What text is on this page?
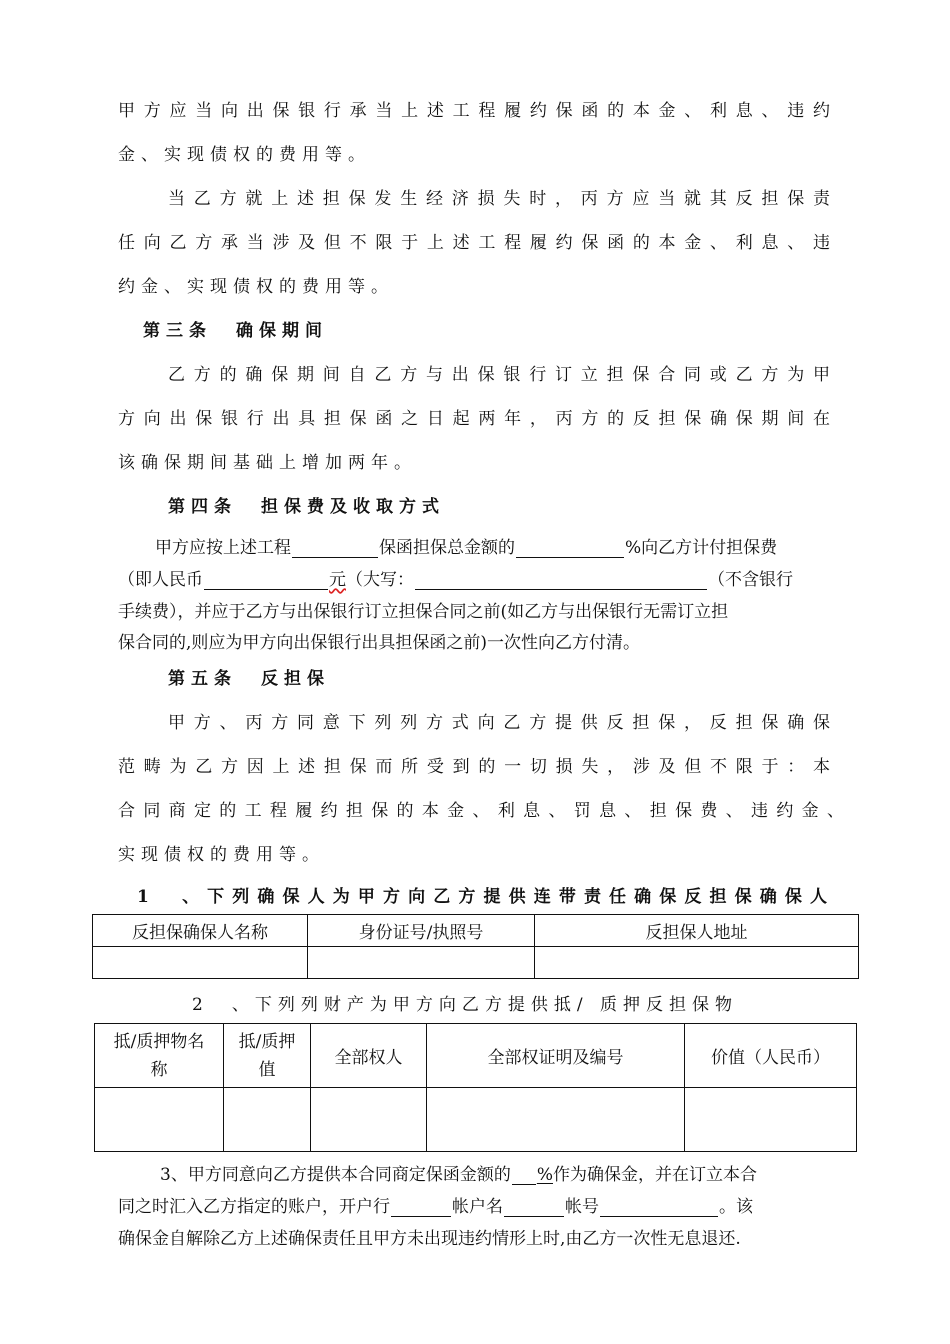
甲方应当向出保银行承当上述工程履约保函的本金、利息、违约
金、实现债权的费用等。
当乙方就上述担保发生经济损失时，丙方应当就其反担保责
任向乙方承当涉及但不限于上述工程履约保函的本金、利息、违
约金、实现债权的费用等。
第三条 确保期间
乙方的确保期间自乙方与出保银行订立担保合同或乙方为甲
方向出保银行出具担保函之日起两年，丙方的反担保确保期间在
该确保期间基础上增加两年。
第四条 担保费及收取方式
甲方应按上述工程	保函担保总金额的	%向乙方计付担保费
（即人民币	元（大写：	（不含银行
手续费），并应于乙方与出保银行订立担保合同之前(如乙方与出保银行无需订立担
保合同的,则应为甲方向出保银行出具担保函之前)一次性向乙方付清。
第五条 反担保
甲方、丙方同意下列列方式向乙方提供反担保，反担保确保
范畴为乙方因上述担保而所受到的一切损失，涉及但不限于：本
合同商定的工程履约担保的本金、利息、罚息、担保费、违约金、
实现债权的费用等。
1　、下列确保人为甲方向乙方提供连带责任确保反担保确保人
反担保确保人名称	身份证号/执照号	反担保人地址

2　、下列列财产为甲方向乙方提供抵/ 质押反担保物
抵/质押物名
称	抵/质押
值	全部权人	全部权证明及编号	价值（人民币）

3、甲方同意向乙方提供本合同商定保函金额的 %作为确保金，并在订立本合
同之时汇入乙方指定的账户，开户行	帐户名	帐号	。该
确保金自解除乙方上述确保责任且甲方未出现违约情形上时,由乙方一次性无息退还.
